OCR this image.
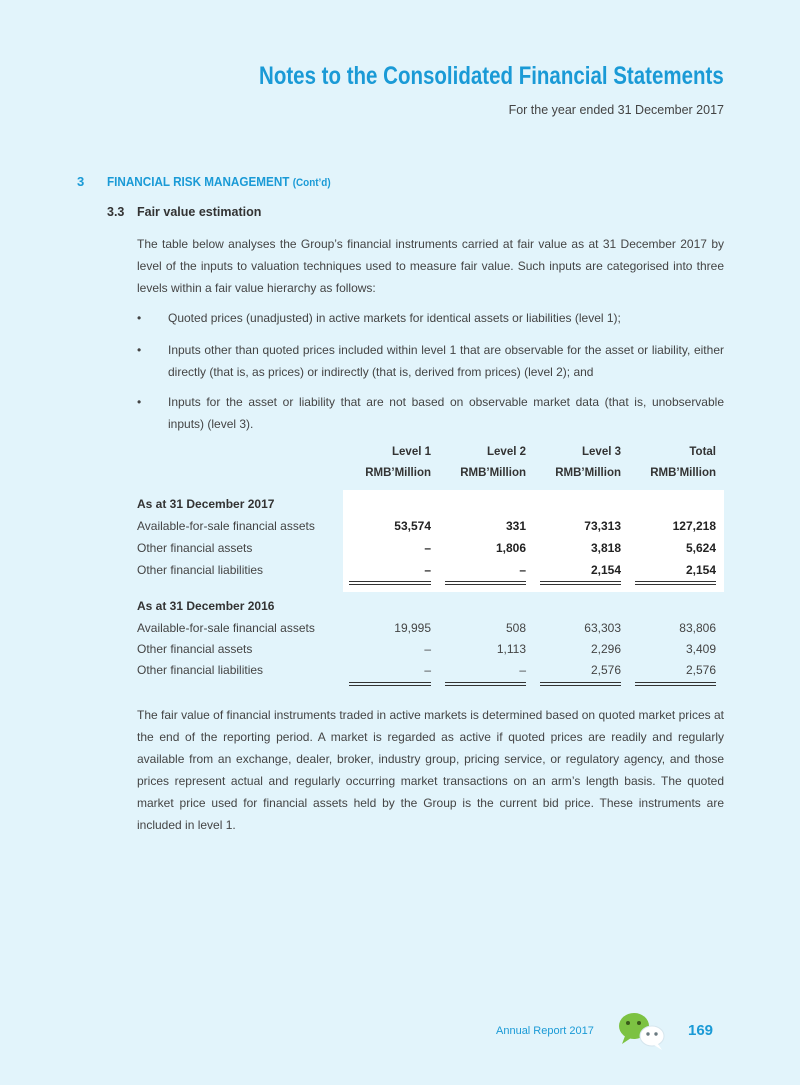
Notes to the Consolidated Financial Statements
For the year ended 31 December 2017
3 FINANCIAL RISK MANAGEMENT (Cont’d)
3.3 Fair value estimation
The table below analyses the Group’s financial instruments carried at fair value as at 31 December 2017 by level of the inputs to valuation techniques used to measure fair value. Such inputs are categorised into three levels within a fair value hierarchy as follows:
• Quoted prices (unadjusted) in active markets for identical assets or liabilities (level 1);
• Inputs other than quoted prices included within level 1 that are observable for the asset or liability, either directly (that is, as prices) or indirectly (that is, derived from prices) (level 2); and
• Inputs for the asset or liability that are not based on observable market data (that is, unobservable inputs) (level 3).
Level 1	Level 2	Level 3	Total
RMB’Million	RMB’Million	RMB’Million	RMB’Million
As at 31 December 2017
Available-for-sale financial assets	53,574	331	73,313	127,218
Other financial assets	–	1,806	3,818	5,624
Other financial liabilities	–	–	2,154	2,154
As at 31 December 2016
Available-for-sale financial assets	19,995	508	63,303	83,806
Other financial assets	–	1,113	2,296	3,409
Other financial liabilities	–	–	2,576	2,576
The fair value of financial instruments traded in active markets is determined based on quoted market prices at the end of the reporting period. A market is regarded as active if quoted prices are readily and regularly available from an exchange, dealer, broker, industry group, pricing service, or regulatory agency, and those prices represent actual and regularly occurring market transactions on an arm’s length basis. The quoted market price used for financial assets held by the Group is the current bid price. These instruments are included in level 1.
Annual Report 2017	169
